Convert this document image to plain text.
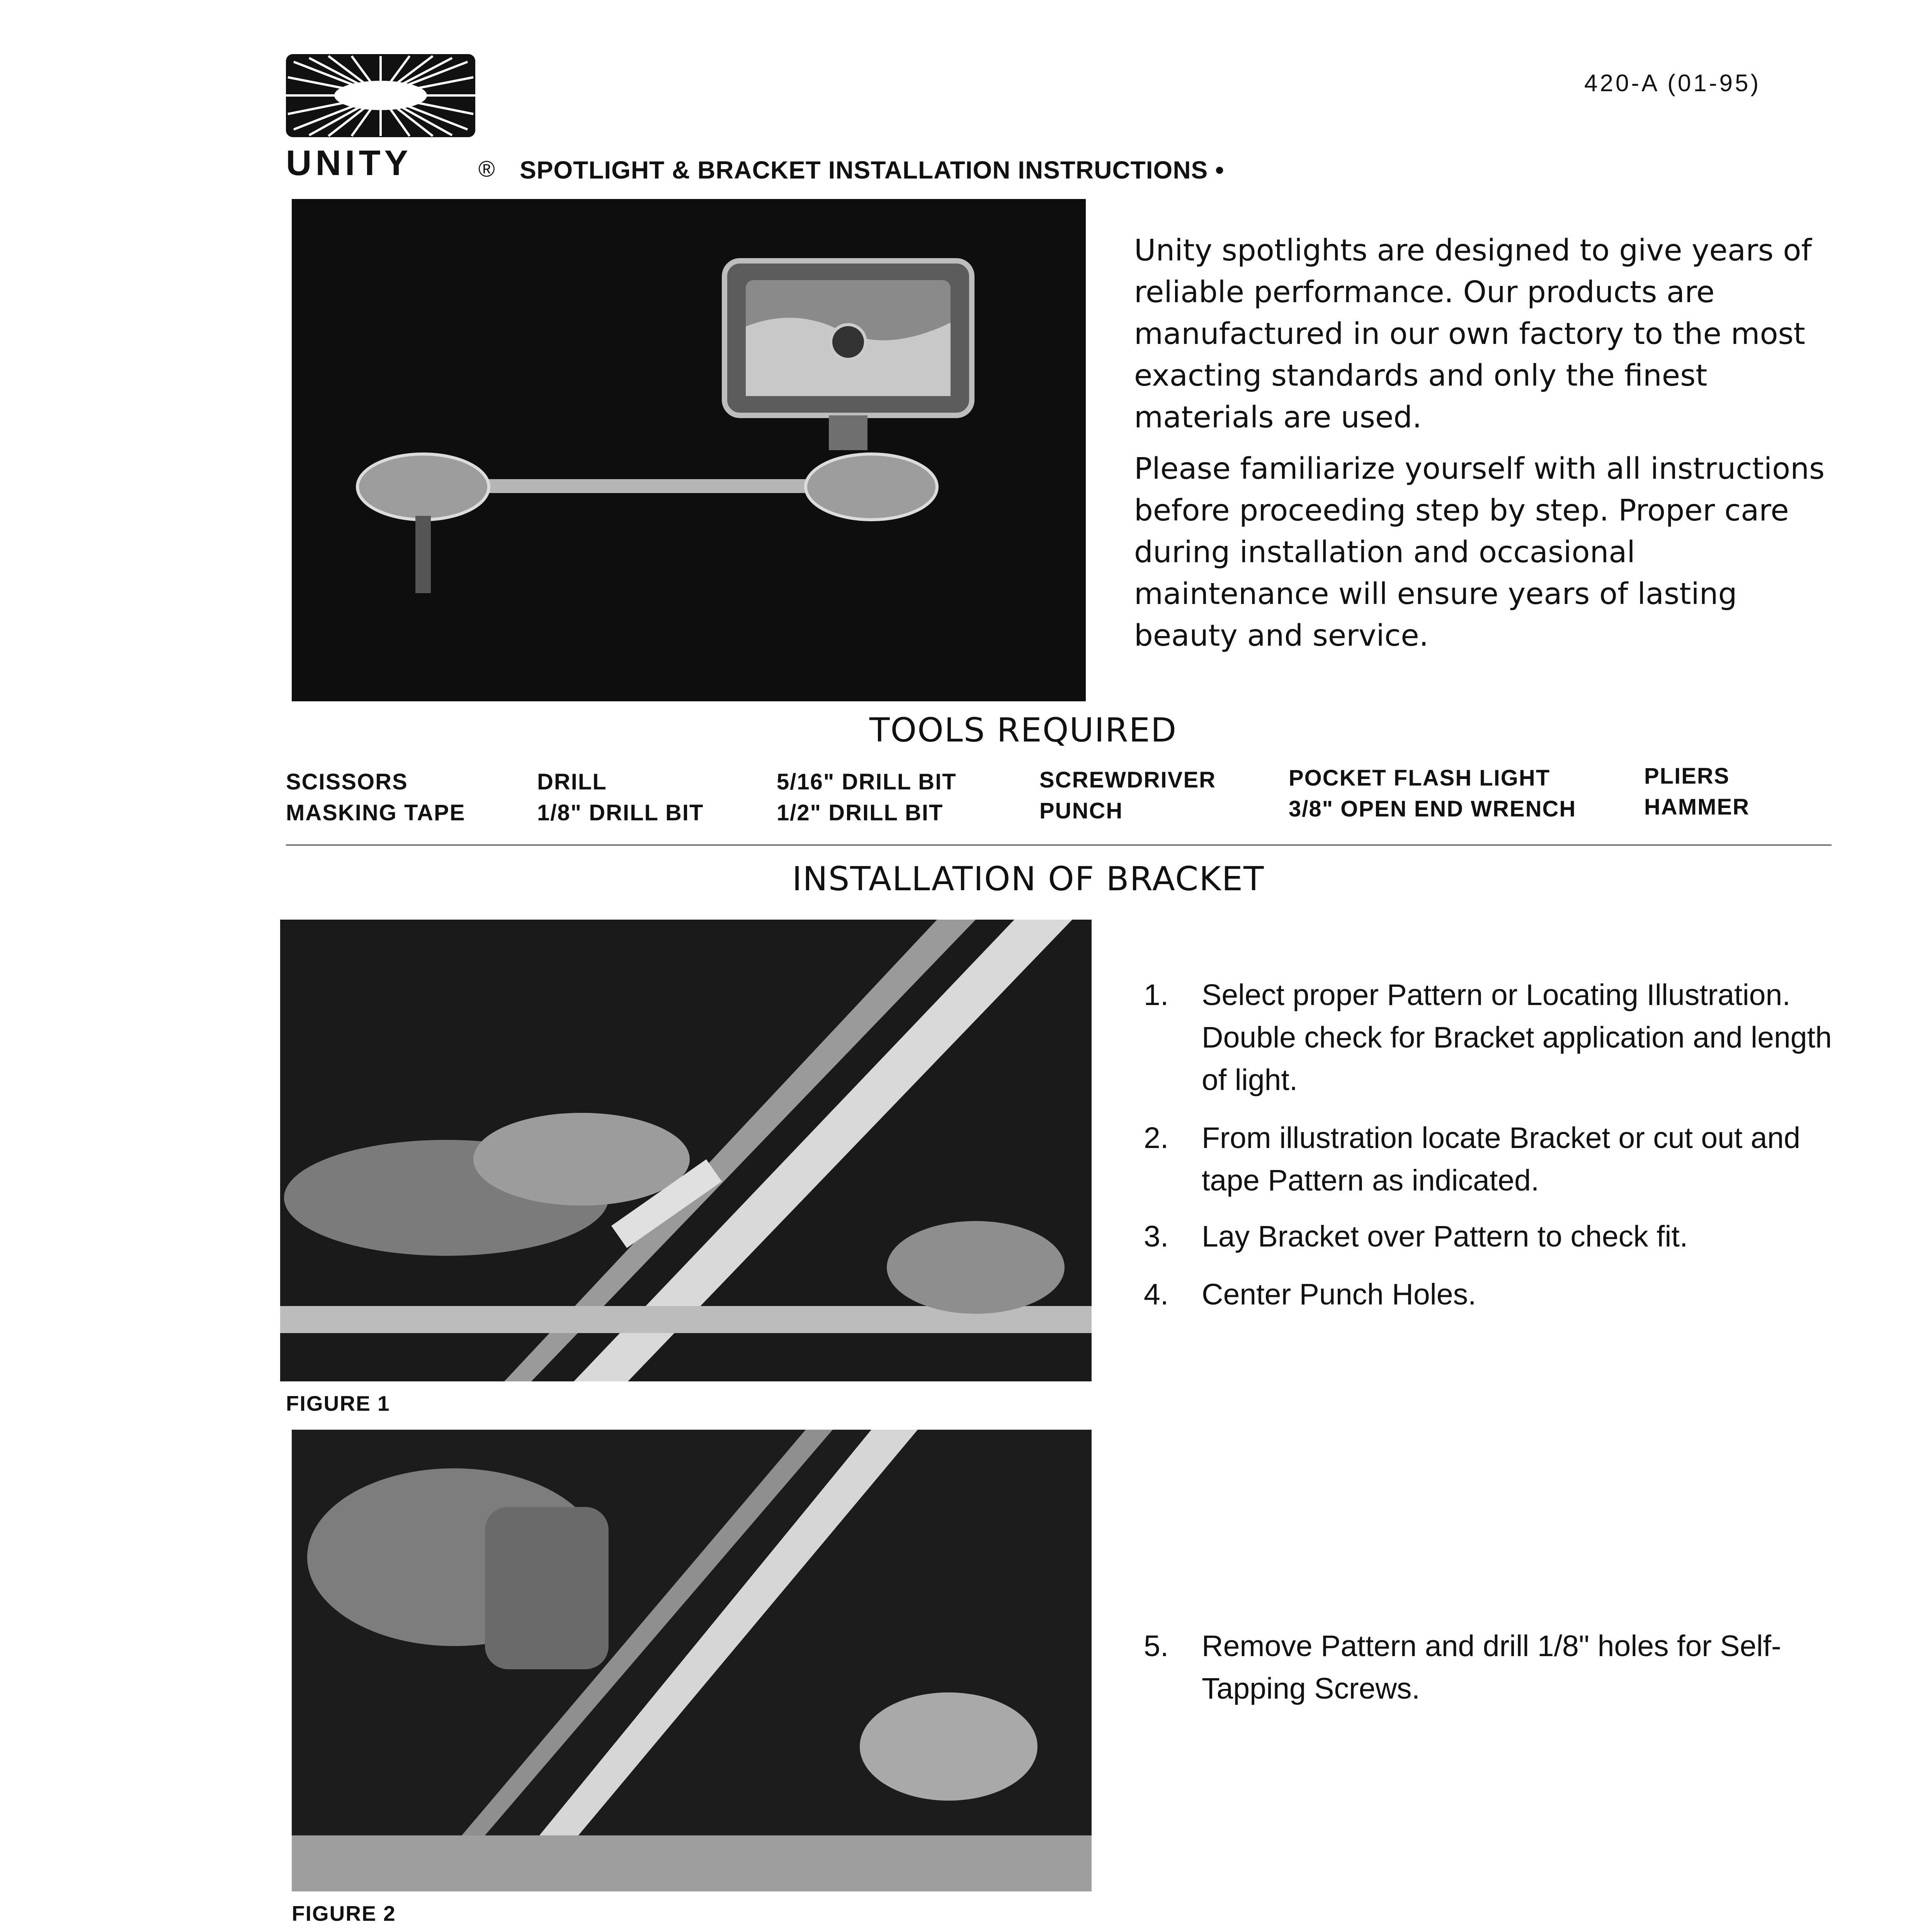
420-A (01-95)
UNITY	® SPOTLIGHT & BRACKET INSTALLATION INSTRUCTIONS •
Unity spotlights are designed to give years of reliable performance. Our products are manufactured in our own factory to the most exacting standards and only the finest materials are used.
Please familiarize yourself with all instructions before proceeding step by step. Proper care during installation and occasional maintenance will ensure years of lasting beauty and service.
TOOLS REQUIRED
SCISSORS
MASKING TAPE
DRILL
1/8" DRILL BIT
5/16" DRILL BIT
1/2" DRILL BIT
SCREWDRIVER
PUNCH
POCKET FLASH LIGHT
3/8" OPEN END WRENCH
PLIERS
HAMMER
INSTALLATION OF BRACKET
FIGURE 1
1. Select proper Pattern or Locating Illustration. Double check for Bracket application and length of light.
2. From illustration locate Bracket or cut out and tape Pattern as indicated.
3. Lay Bracket over Pattern to check fit.
4. Center Punch Holes.
FIGURE 2
5. Remove Pattern and drill 1/8" holes for Self-Tapping Screws.
